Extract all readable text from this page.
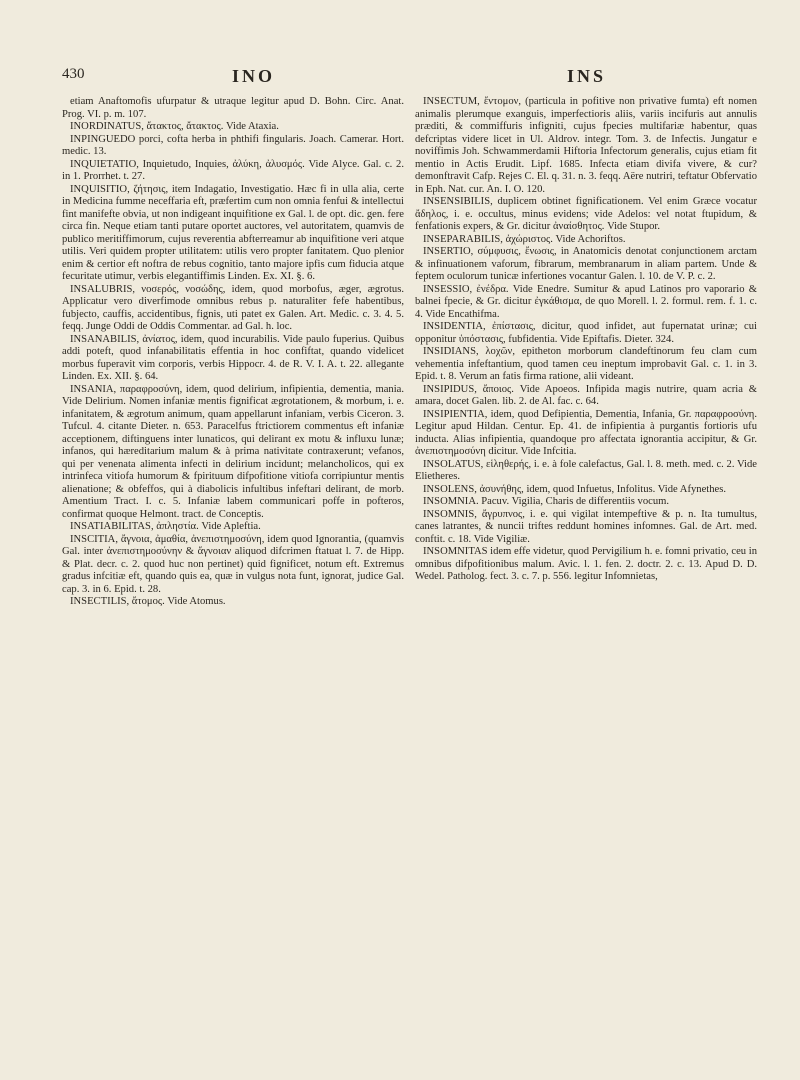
430	INO	INS

etiam Anaftomofis ufurpatur & utraque legitur apud D. Bohn. Circ. Anat. Prog. VI. p. m. 107.

INORDINATUS, ἄτακτος, ἄτακτος. Vide Ataxia.

INPINGUEDO porci, cofta herba in phthifi fingularis. Joach. Camerar. Hort. medic. 13.

INQUIETATIO, Inquietudo, Inquies, ἀλύκη, ἀλυσμός. Vide Alyce. Gal. c. 2. in 1. Prorrhet. t. 27.

INQUISITIO, ζήτησις, item Indagatio, Investigatio. Hæc fi in ulla alia, certe in Medicina fumme neceffaria eft, præfertim cum non omnia fenfui & intellectui fint manifefte obvia, ut non indigeant inquifitione ex Gal. l. de opt. dic. gen. fere circa fin. Neque etiam tanti putare oportet auctores, vel autoritatem, quamvis de publico meritiffimorum, cujus reverentia abfterreamur ab inquifitione veri atque utilis. Veri quidem propter utilitatem: utilis vero propter fanitatem. Quo plenior enim & certior eft noftra de rebus cognitio, tanto majore ipfis cum fiducia atque fecuritate utimur, verbis elegantiffimis Linden. Ex. XI. §. 6.

INSALUBRIS, νοσερός, νοσώδης, idem, quod morbofus, æger, ægrotus. Applicatur vero diverfimode omnibus rebus p. naturaliter fefe habentibus, fubjecto, cauffis, accidentibus, fignis, uti patet ex Galen. Art. Medic. c. 3. 4. 5. feqq. Junge Oddi de Oddis Commentar. ad Gal. h. loc.

INSANABILIS, ἀνίατος, idem, quod incurabilis. Vide paulo fuperius. Quibus addi poteft, quod infanabilitatis effentia in hoc confiftat, quando videlicet morbus fuperavit vim corporis, verbis Hippocr. 4. de R. V. I. A. t. 22. allegante Linden. Ex. XII. §. 64.

INSANIA, παραφροσύνη, idem, quod delirium, infipientia, dementia, mania. Vide Delirium. Nomen infaniæ mentis fignificat ægrotationem, & morbum, i. e. infanitatem, & ægrotum animum, quam appellarunt infaniam, verbis Ciceron. 3. Tufcul. 4. citante Dieter. n. 653. Paracelfus ftrictiorem commentus eft infaniæ acceptionem, diftinguens inter lunaticos, qui delirant ex motu & influxu lunæ; infanos, qui hæreditarium malum & à prima nativitate contraxerunt; vefanos, qui per venenata alimenta infecti in delirium incidunt; melancholicos, qui ex intrinfeca vitiofa humorum & fpirituum difpofitione vitiofa corripiuntur mentis alienatione; & obfeffos, qui à diabolicis infultibus infeftari delirant, de morb. Amentium Tract. I. c. 5. Infaniæ labem communicari poffe in pofteros, confirmat quoque Helmont. tract. de Conceptis.

INSATIABILITAS, ἀπληστία. Vide Apleftia.

INSCITIA, ἄγνοια, ἀμαθία, ἀνεπιστημοσύνη, idem quod Ignorantia, (quamvis Gal. inter ἀνεπιστημοσύνην & ἄγνοιαν aliquod difcrimen ftatuat l. 7. de Hipp. & Plat. decr. c. 2. quod huc non pertinet) quid fignificet, notum eft. Extremus gradus infcitiæ eft, quando quis ea, quæ in vulgus nota funt, ignorat, judice Gal. cap. 3. in 6. Epid. t. 28.

INSECTILIS, ἄτομος. Vide Atomus.

INSECTUM, ἔντομον, (particula in pofitive non privative fumta) eft nomen animalis plerumque exanguis, imperfectioris aliis, variis incifuris aut annulis præditi, & commiffuris infigniti, cujus fpecies multifariæ habentur, quas defcriptas videre licet in Ul. Aldrov. integr. Tom. 3. de Infectis. Jungatur e noviffimis Joh. Schwammerdamii Hiftoria Infectorum generalis, cujus etiam fit mentio in Actis Erudit. Lipf. 1685. Infecta etiam divifa vivere, & cur? demonftravit Cafp. Rejes C. El. q. 31. n. 3. feqq. Aëre nutriri, teftatur Obfervatio in Eph. Nat. cur. An. I. O. 120.

INSENSIBILIS, duplicem obtinet fignificationem. Vel enim Græce vocatur ἄδηλος, i. e. occultus, minus evidens; vide Adelos: vel notat ftupidum, & fenfationis expers, & Gr. dicitur ἀναίσθητος. Vide Stupor.

INSEPARABILIS, ἀχώριστος. Vide Achoriftos.

INSERTIO, σύμφυσις, ἔνωσις, in Anatomicis denotat conjunctionem arctam & infinuationem vaforum, fibrarum, membranarum in aliam partem. Unde & feptem oculorum tunicæ infertiones vocantur Galen. l. 10. de V. P. c. 2.

INSESSIO, ἐνέδρα. Vide Enedre. Sumitur & apud Latinos pro vaporario & balnei fpecie, & Gr. dicitur ἐγκάθισμα, de quo Morell. l. 2. formul. rem. f. 1. c. 4. Vide Encathifma.

INSIDENTIA, ἐπίστασις, dicitur, quod infidet, aut fupernatat urinæ; cui opponitur ὑπόστασις, fubfidentia. Vide Epiftafis. Dieter. 324.

INSIDIANS, λοχῶν, epitheton morborum clandeftinorum feu clam cum vehementia infeftantium, quod tamen ceu ineptum improbavit Gal. c. 1. in 3. Epid. t. 8. Verum an fatis firma ratione, alii videant.

INSIPIDUS, ἄποιος. Vide Apoeos. Infipida magis nutrire, quam acria & amara, docet Galen. lib. 2. de Al. fac. c. 64.

INSIPIENTIA, idem, quod Defipientia, Dementia, Infania, Gr. παραφροσύνη. Legitur apud Hildan. Centur. Ep. 41. de infipientia à purgantis fortioris ufu inducta. Alias infipientia, quandoque pro affectata ignorantia accipitur, & Gr. ἀνεπιστημοσύνη dicitur. Vide Infcitia.

INSOLATUS, εἱληθερής, i. e. à fole calefactus, Gal. l. 8. meth. med. c. 2. Vide Elietheres.

INSOLENS, ἀσυνήθης, idem, quod Infuetus, Infolitus. Vide Afynethes.

INSOMNIA. Pacuv. Vigilia, Charis de differentiis vocum.

INSOMNIS, ἄγρυπνος, i. e. qui vigilat intempeftive & p. n. Ita tumultus, canes latrantes, & nuncii triftes reddunt homines infomnes. Gal. de Art. med. conftit. c. 18. Vide Vigiliæ.

INSOMNITAS idem effe videtur, quod Pervigilium h. e. fomni privatio, ceu in omnibus difpofitionibus malum. Avic. l. 1. fen. 2. doctr. 2. c. 13. Apud D. D. Wedel. Patholog. fect. 3. c. 7. p. 556. legitur Infomnietas,
